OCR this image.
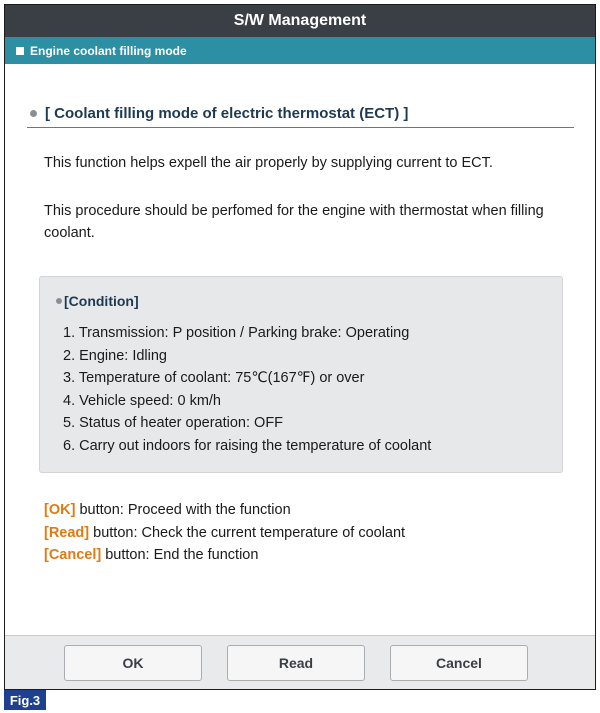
S/W Management
Engine coolant filling mode
[ Coolant filling mode of electric thermostat (ECT) ]

This function helps expell the air properly by supplying current to ECT.

This procedure should be perfomed for the engine with thermostat when filling coolant.

[Condition]
1. Transmission: P position / Parking brake: Operating
2. Engine: Idling
3. Temperature of coolant: 75℃(167℉) or over
4. Vehicle speed: 0 km/h
5. Status of heater operation: OFF
6. Carry out indoors for raising the temperature of coolant
[OK] button: Proceed with the function
[Read] button: Check the current temperature of coolant
[Cancel] button: End the function
OK	Read	Cancel
Fig.3
